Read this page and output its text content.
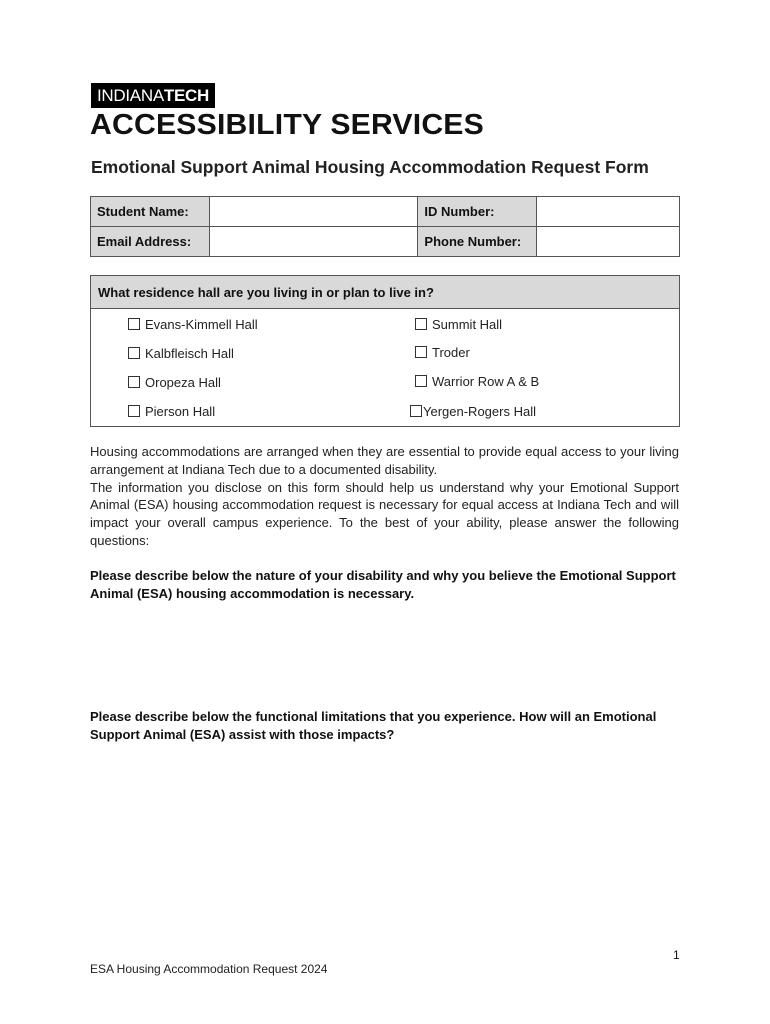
INDIANA TECH
ACCESSIBILITY SERVICES
Emotional Support Animal Housing Accommodation Request Form
Student Name:		ID Number:	
Email Address:		Phone Number:	
What residence hall are you living in or plan to live in?
Evans-Kimmell Hall	Summit Hall
Kalbfleisch Hall	Troder
Oropeza Hall	Warrior Row A & B
Pierson Hall	Yergen-Rogers Hall
Housing accommodations are arranged when they are essential to provide equal access to your living arrangement at Indiana Tech due to a documented disability.
The information you disclose on this form should help us understand why your Emotional Support Animal (ESA) housing accommodation request is necessary for equal access at Indiana Tech and will impact your overall campus experience. To the best of your ability, please answer the following questions:
Please describe below the nature of your disability and why you believe the Emotional Support Animal (ESA) housing accommodation is necessary.
Please describe below the functional limitations that you experience. How will an Emotional Support Animal (ESA) assist with those impacts?
1
ESA Housing Accommodation Request 2024
